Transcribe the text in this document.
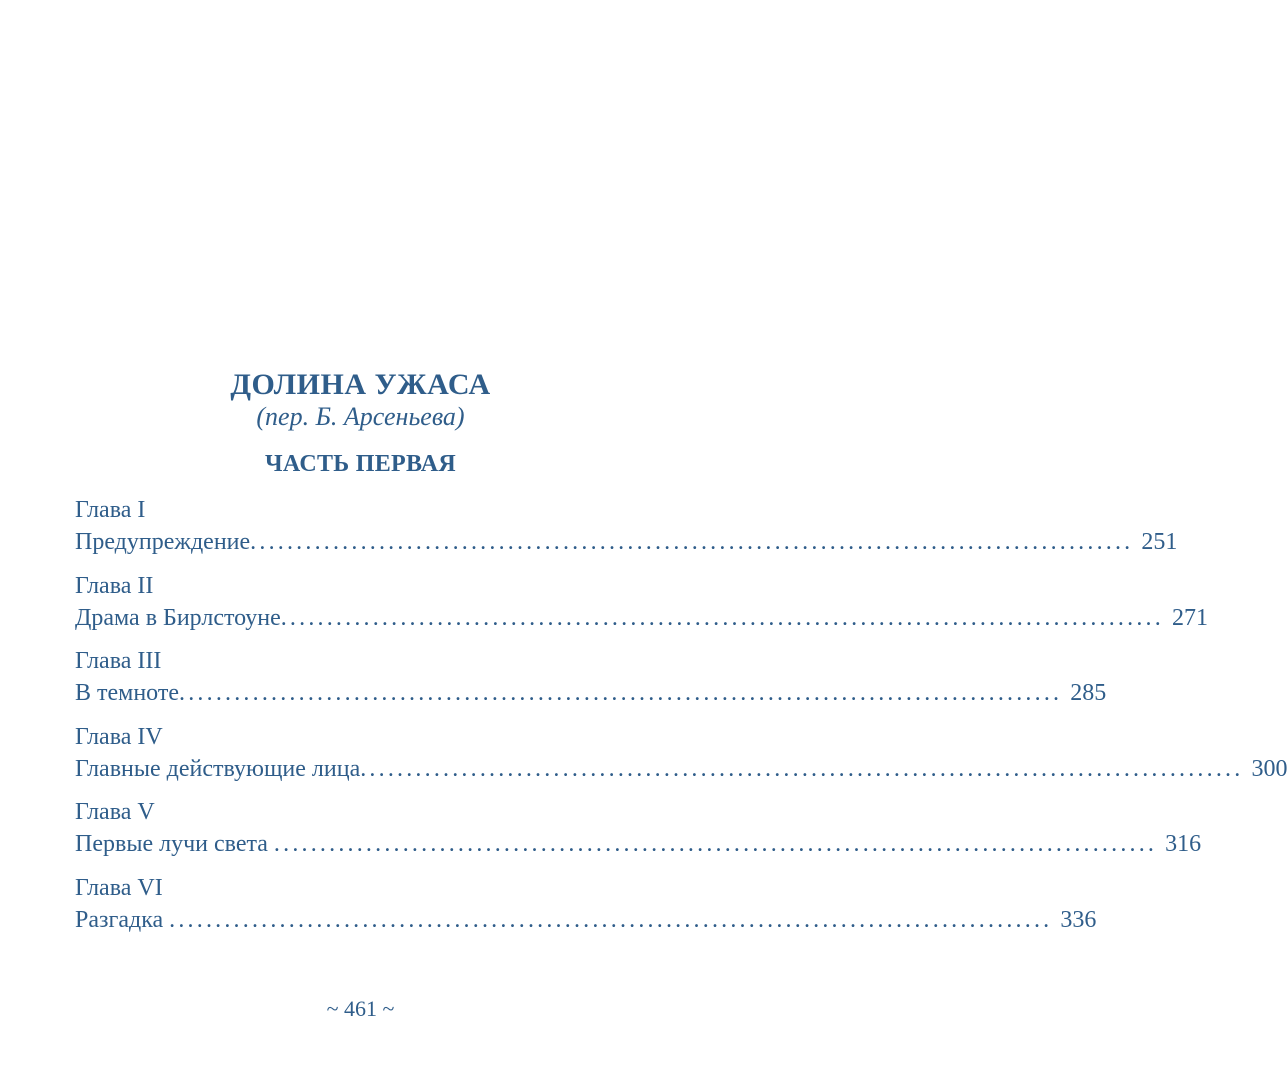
ДОЛИНА УЖАСА

(пер. Б. Арсеньева)

ЧАСТЬ ПЕРВАЯ
Глава I
Предупреждение ................................................................................................ 251
Глава II
Драма в Бирлстоуне ................................................................................................ 271
Глава III
В темноте ................................................................................................ 285
Глава IV
Главные действующие лица ................................................................................................ 300
Глава V
Первые лучи света ................................................................................................ 316
Глава VI
Разгадка ................................................................................................ 336
~ 461 ~
